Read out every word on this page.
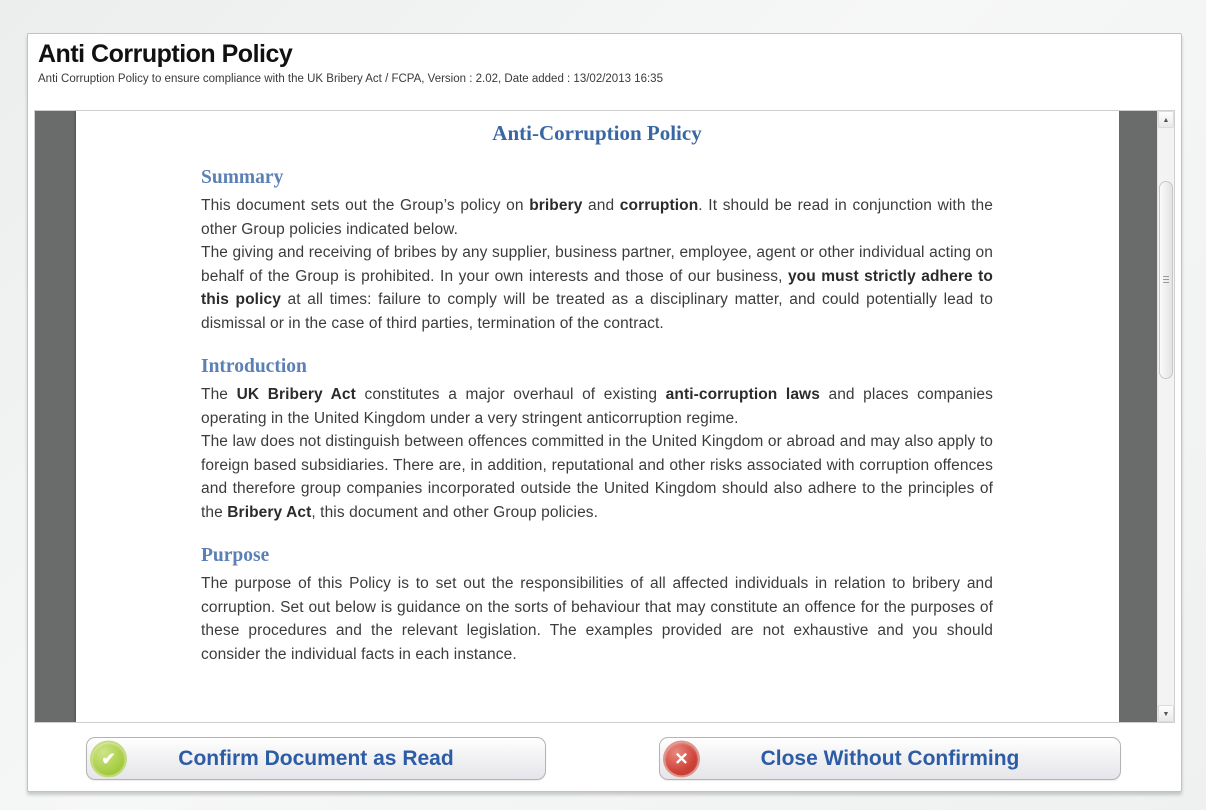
Anti Corruption Policy
Anti Corruption Policy to ensure compliance with the UK Bribery Act / FCPA, Version : 2.02, Date added : 13/02/2013 16:35
Anti-Corruption Policy
Summary

This document sets out the Group’s policy on bribery and corruption. It should be read in conjunction with the other Group policies indicated below.

The giving and receiving of bribes by any supplier, business partner, employee, agent or other individual acting on behalf of the Group is prohibited. In your own interests and those of our business, you must strictly adhere to this policy at all times: failure to comply will be treated as a disciplinary matter, and could potentially lead to dismissal or in the case of third parties, termination of the contract.

Introduction

The UK Bribery Act constitutes a major overhaul of existing anti-corruption laws and places companies operating in the United Kingdom under a very stringent anticorruption regime.

The law does not distinguish between offences committed in the United Kingdom or abroad and may also apply to foreign based subsidiaries. There are, in addition, reputational and other risks associated with corruption offences and therefore group companies incorporated outside the United Kingdom should also adhere to the principles of the Bribery Act, this document and other Group policies.

Purpose

The purpose of this Policy is to set out the responsibilities of all affected individuals in relation to bribery and corruption. Set out below is guidance on the sorts of behaviour that may constitute an offence for the purposes of these procedures and the relevant legislation. The examples provided are not exhaustive and you should consider the individual facts in each instance.

▲
▼
✔	Confirm Document as Read	✕	Close Without Confirming
